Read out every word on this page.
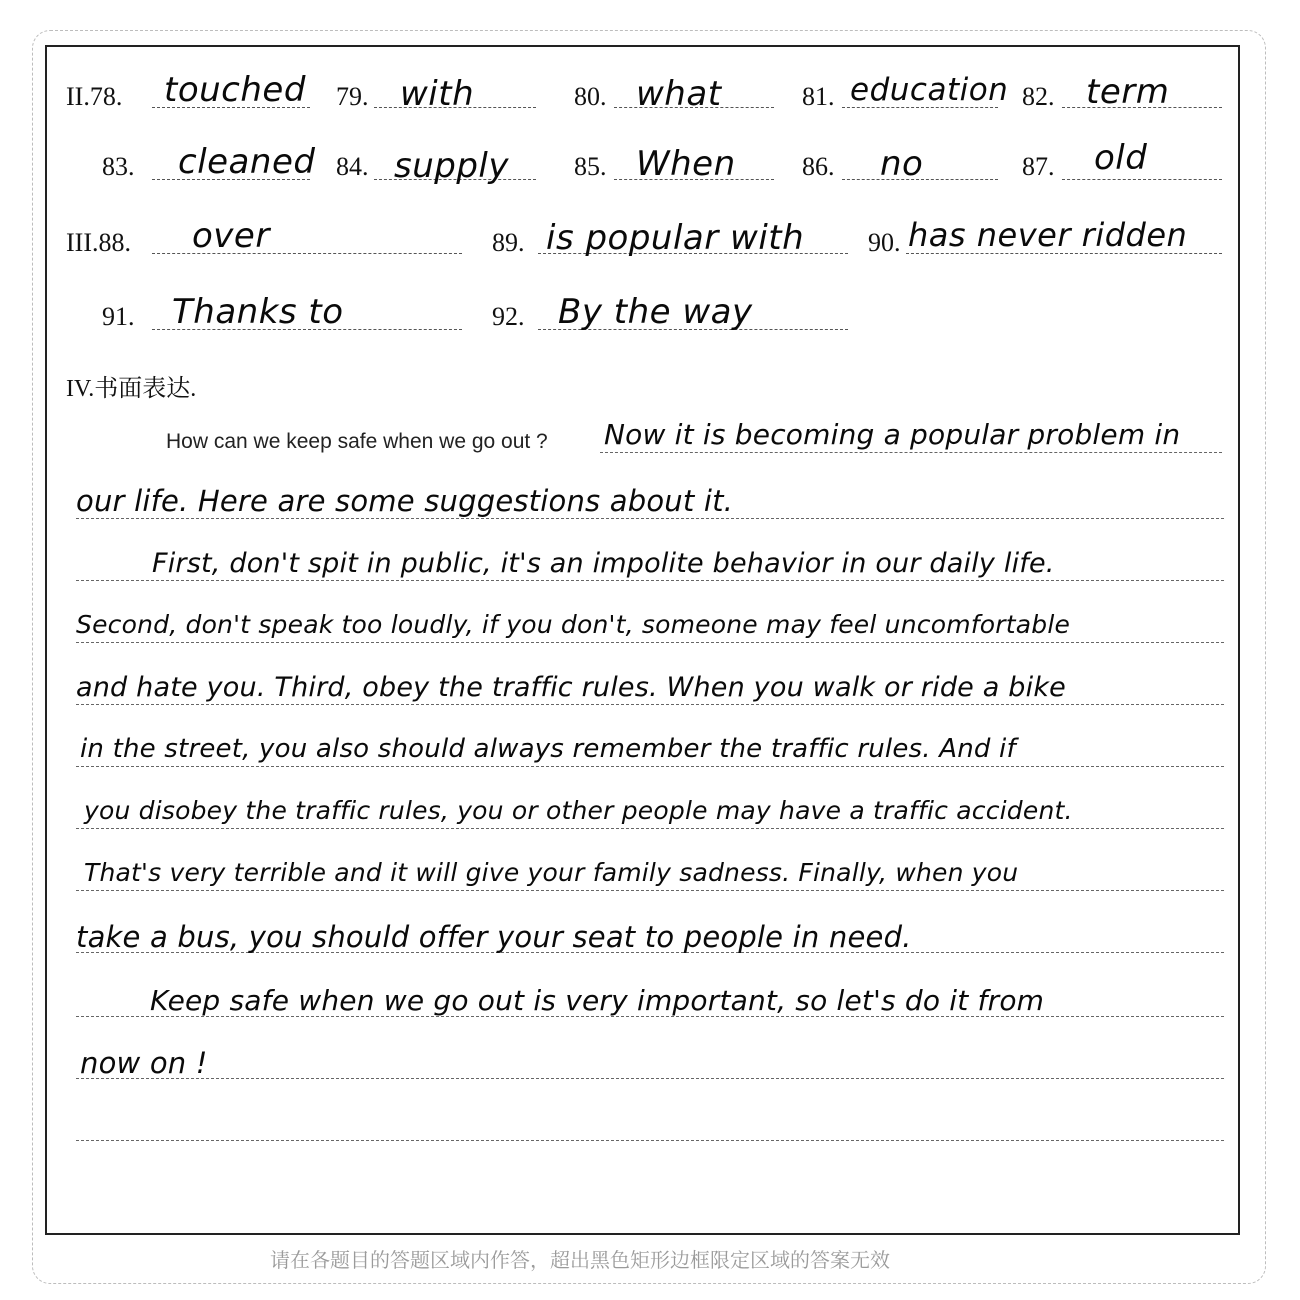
II.78. touched 79. with	80. what	81. education 82. term
83. cleaned 84. supply	85. When	86. no	87. old
III.88. over	89. is popular with 90. has never ridden
91. Thanks to	92. By the way
IV.书面表达.
How can we keep safe when we go out ? Now it is becoming a popular problem in
our life. Here are some suggestions about it.
First, don't spit in public, it's an impolite behavior in our daily life.
Second, don't speak too loudly, if you don't, someone may feel uncomfortable
and hate you. Third, obey the traffic rules. When you walk or ride a bike
in the street, you also should always remember the traffic rules. And if
you disobey the traffic rules, you or other people may have a traffic accident.
That's very terrible and it will give your family sadness. Finally, when you
take a bus, you should offer your seat to people in need.
Keep safe when we go out is very important, so let's do it from
now on !
请在各题目的答题区域内作答，超出黑色矩形边框限定区域的答案无效
